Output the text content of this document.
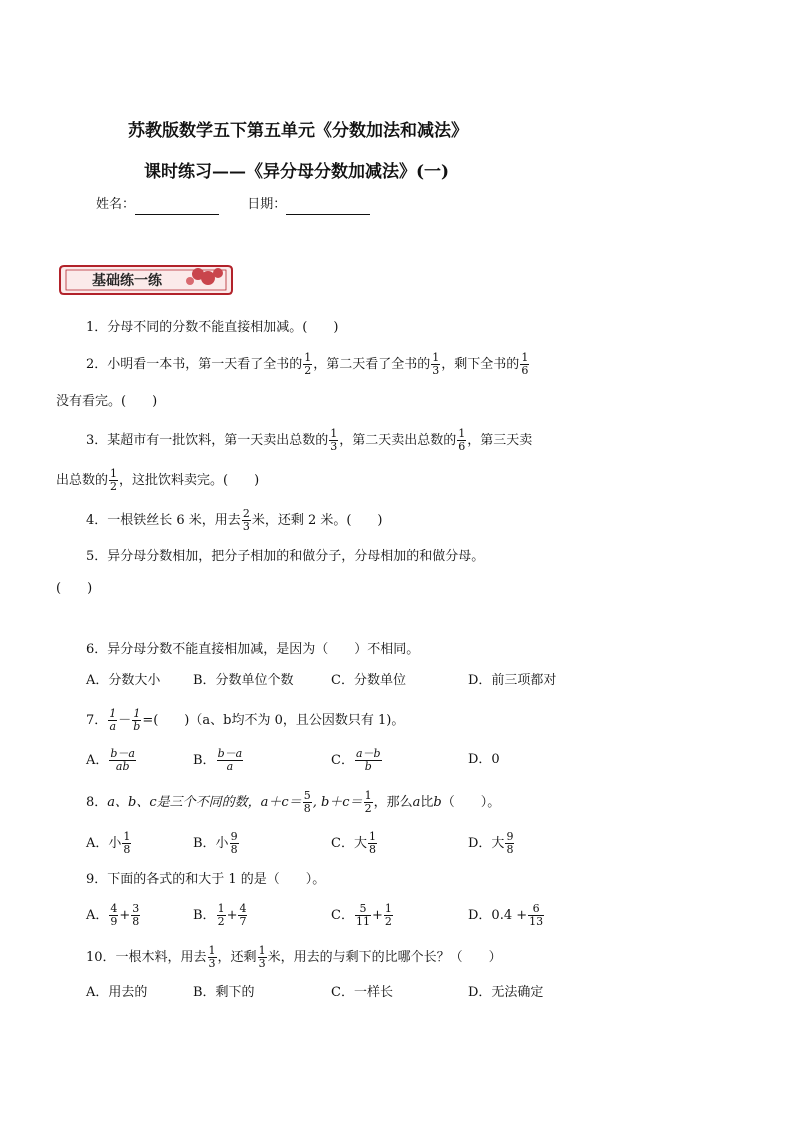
苏教版数学五下第五单元《分数加法和减法》
课时练习——《异分母分数加减法》(一)
姓名：	日期：
基础练一练
1．分母不同的分数不能直接相加减。(　　)
2．小明看一本书，第一天看了全书的 $\frac{1}{2}$ ，第二天看了全书的 $\frac{1}{3}$ ，剩下全书的 $\frac{1}{6}$
没有看完。(　　)
3．某超市有一批饮料，第一天卖出总数的 $\frac{1}{3}$ ，第二天卖出总数的 $\frac{1}{6}$ ，第三天卖
出总数的 $\frac{1}{2}$ ，这批饮料卖完。(　　)
4．一根铁丝长 6 米，用去 $\frac{2}{3}$ 米，还剩 2 米。(　　)
5．异分母分数相加，把分子相加的和做分子，分母相加的和做分母。
(　　)
6．异分母分数不能直接相加减，是因为（　　）不相同。
A．分数大小	B．分数单位个数	C．分数单位	D．前三项都对
7． $\frac{1}{a} - \frac{1}{b}$ =(　　)（a、b均不为 0，且公因数只有 1)。
A． $\frac{b-a}{ab}$	B． $\frac{b-a}{a}$	C． $\frac{a-b}{b}$	D．0
8．a、b、c是三个不同的数，$a+c= \frac{5}{8}$ , $b+c= \frac{1}{2}$ ，那么a比b（　　）。
A．小 $\frac{1}{8}$	B．小 $\frac{9}{8}$	C．大 $\frac{1}{8}$	D．大 $\frac{9}{8}$
9．下面的各式的和大于 1 的是（　　）。
A． $\frac{4}{9} + \frac{3}{8}$	B． $\frac{1}{2} + \frac{4}{7}$	C． $\frac{5}{11} + \frac{1}{2}$	D．$0.4 + \frac{6}{13}$
10．一根木料，用去 $\frac{1}{3}$ ，还剩 $\frac{1}{3}$ 米，用去的与剩下的比哪个长？（　　）
A．用去的	B．剩下的	C．一样长	D．无法确定
